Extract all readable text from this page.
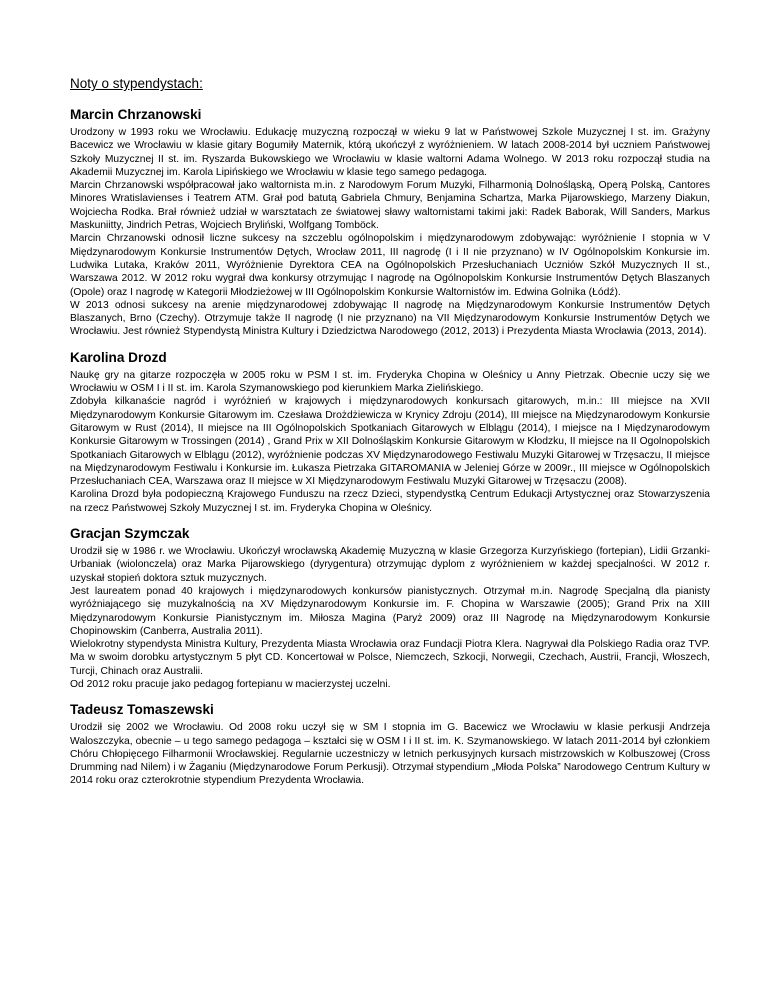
Noty o stypendystach:
Marcin Chrzanowski

Urodzony w 1993 roku we Wrocławiu. Edukację muzyczną rozpoczął w wieku 9 lat w Państwowej Szkole Muzycznej I st. im. Grażyny Bacewicz we Wrocławiu w klasie gitary Bogumiły Maternik, którą ukończył z wyróżnieniem. W latach 2008-2014 był uczniem Państwowej Szkoły Muzycznej II st. im. Ryszarda Bukowskiego we Wrocławiu w klasie waltorni Adama Wolnego. W 2013 roku rozpoczął studia na Akademii Muzycznej im. Karola Lipińskiego we Wrocławiu w klasie tego samego pedagoga.

Marcin Chrzanowski współpracował jako waltornista m.in. z Narodowym Forum Muzyki, Filharmonią Dolnośląską, Operą Polską, Cantores Minores Wratislavienses i Teatrem ATM. Grał pod batutą Gabriela Chmury, Benjamina Schartza, Marka Pijarowskiego, Marzeny Diakun, Wojciecha Rodka. Brał również udział w warsztatach ze światowej sławy waltornistami takimi jaki: Radek Baborak, Will Sanders, Markus Maskuniitty, Jindrich Petras, Wojciech Bryliński, Wolfgang Tomböck.

Marcin Chrzanowski odnosił liczne sukcesy na szczeblu ogólnopolskim i międzynarodowym zdobywając: wyróżnienie I stopnia w V Międzynarodowym Konkursie Instrumentów Dętych, Wrocław 2011, III nagrodę (I i II nie przyznano) w IV Ogólnopolskim Konkursie im. Ludwika Lutaka, Kraków 2011, Wyróżnienie Dyrektora CEA na Ogólnopolskich Przesłuchaniach Uczniów Szkół Muzycznych II st., Warszawa 2012. W 2012 roku wygrał dwa konkursy otrzymując I nagrodę na Ogólnopolskim Konkursie Instrumentów Dętych Blaszanych (Opole) oraz I nagrodę w Kategorii Młodzieżowej w III Ogólnopolskim Konkursie Waltornistów im. Edwina Golnika (Łódź).

W 2013 odnosi sukcesy na arenie międzynarodowej zdobywając II nagrodę na Międzynarodowym Konkursie Instrumentów Dętych Blaszanych, Brno (Czechy). Otrzymuje także II nagrodę (I nie przyznano) na VII Międzynarodowym Konkursie Instrumentów Dętych we Wrocławiu. Jest również Stypendystą Ministra Kultury i Dziedzictwa Narodowego (2012, 2013) i Prezydenta Miasta Wrocławia (2013, 2014).

Karolina Drozd

Naukę gry na gitarze rozpoczęła w 2005 roku w PSM I st. im. Fryderyka Chopina w Oleśnicy u Anny Pietrzak. Obecnie uczy się we Wrocławiu w OSM I i II st. im. Karola Szymanowskiego pod kierunkiem Marka Zielińskiego.

Zdobyła kilkanaście nagród i wyróżnień w krajowych i międzynarodowych konkursach gitarowych, m.in.: III miejsce na XVII Międzynarodowym Konkursie Gitarowym im. Czesława Drożdżiewicza w Krynicy Zdroju (2014), III miejsce na Międzynarodowym Konkursie Gitarowym w Rust (2014), II miejsce na III Ogólnopolskich Spotkaniach Gitarowych w Elblągu (2014), I miejsce na I Międzynarodowym Konkursie Gitarowym w Trossingen (2014) , Grand Prix w XII Dolnośląskim Konkursie Gitarowym w Kłodzku, II miejsce na II Ogolnopolskich Spotkaniach Gitarowych w Elblągu (2012), wyróżnienie podczas XV Międzynarodowego Festiwalu Muzyki Gitarowej w Trzęsaczu, II miejsce na Międzynarodowym Festiwalu i Konkursie im. Łukasza Pietrzaka GITAROMANIA w Jeleniej Górze w 2009r., III miejsce w Ogólnopolskich Przesłuchaniach CEA, Warszawa oraz II miejsce w XI Międzynarodowym Festiwalu Muzyki Gitarowej w Trzęsaczu (2008).

Karolina Drozd była podopieczną Krajowego Funduszu na rzecz Dzieci, stypendystką Centrum Edukacji Artystycznej oraz Stowarzyszenia na rzecz Państwowej Szkoły Muzycznej I st. im. Fryderyka Chopina w Oleśnicy.

Gracjan Szymczak

Urodził się w 1986 r. we Wrocławiu. Ukończył wrocławską Akademię Muzyczną w klasie Grzegorza Kurzyńskiego (fortepian), Lidii Grzanki-Urbaniak (wiolonczela) oraz Marka Pijarowskiego (dyrygentura) otrzymując dyplom z wyróżnieniem w każdej specjalności. W 2012 r. uzyskał stopień doktora sztuk muzycznych.

Jest laureatem ponad 40 krajowych i międzynarodowych konkursów pianistycznych. Otrzymał m.in. Nagrodę Specjalną dla pianisty wyróżniającego się muzykalnością na XV Międzynarodowym Konkursie im. F. Chopina w Warszawie (2005); Grand Prix na XIII Międzynarodowym Konkursie Pianistycznym im. Miłosza Magina (Paryż 2009) oraz III Nagrodę na Międzynarodowym Konkursie Chopinowskim (Canberra, Australia 2011).

Wielokrotny stypendysta Ministra Kultury, Prezydenta Miasta Wrocławia oraz Fundacji Piotra Klera. Nagrywał dla Polskiego Radia oraz TVP. Ma w swoim dorobku artystycznym 5 płyt CD. Koncertował w Polsce, Niemczech, Szkocji, Norwegii, Czechach, Austrii, Francji, Włoszech, Turcji, Chinach oraz Australii.

Od 2012 roku pracuje jako pedagog fortepianu w macierzystej uczelni.

Tadeusz Tomaszewski

Urodził się 2002 we Wrocławiu. Od 2008 roku uczył się w SM I stopnia im G. Bacewicz we Wrocławiu w klasie perkusji Andrzeja Waloszczyka, obecnie – u tego samego pedagoga – kształci się w OSM I i II st. im. K. Szymanowskiego. W latach 2011-2014 był członkiem Chóru Chłopięcego Filharmonii Wrocławskiej. Regularnie uczestniczy w letnich perkusyjnych kursach mistrzowskich w Kolbuszowej (Cross Drumming nad Nilem) i w Żaganiu (Międzynarodowe Forum Perkusji). Otrzymał stypendium „Młoda Polska” Narodowego Centrum Kultury w 2014 roku oraz czterokrotnie stypendium Prezydenta Wrocławia.
